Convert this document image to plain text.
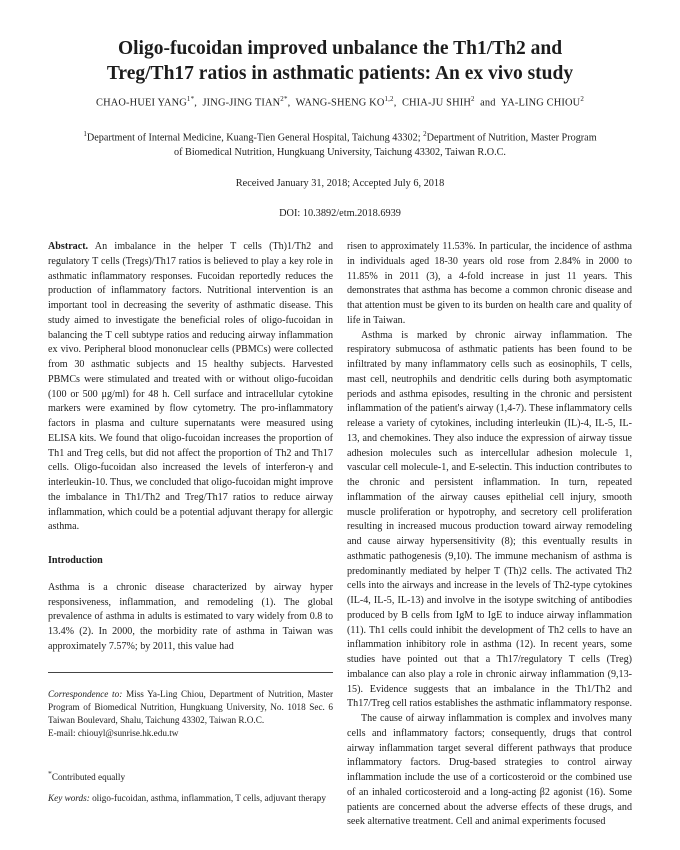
Oligo-fucoidan improved unbalance the Th1/Th2 and
Treg/Th17 ratios in asthmatic patients: An ex vivo study
CHAO-HUEI $YANG^{1*}$,  JING-JING $TIAN^{2*}$,  WANG-SHENG KO$^{1,2}$,  CHIA-JU SHIH$^2$ and YA-LING CHIOU$^2$
$^1$Department of Internal Medicine, Kuang-Tien General Hospital, Taichung 43302; $^2$Department of Nutrition, Master Program of Biomedical Nutrition, Hungkuang University, Taichung 43302, Taiwan R.O.C.
Received January 31, 2018; Accepted July 6, 2018
DOI: 10.3892/etm.2018.6939

Abstract. An imbalance in the helper T cells (Th)1/Th2 and regulatory T cells (Tregs)/Th17 ratios is believed to play a key role in asthmatic inflammatory responses. Fucoidan reportedly reduces the production of inflammatory factors. Nutritional intervention is an important tool in decreasing the severity of asthmatic disease. This study aimed to investigate the beneficial roles of oligo-fucoidan in balancing the T cell subtype ratios and reducing airway inflammation ex vivo. Peripheral blood mononuclear cells (PBMCs) were collected from 30 asthmatic subjects and 15 healthy subjects. Harvested PBMCs were stimulated and treated with or without oligo-fucoidan (100 or 500 μg/ml) for 48 h. Cell surface and intracellular cytokine markers were examined by flow cytometry. The pro-inflammatory factors in plasma and culture supernatants were measured using ELISA kits. We found that oligo-fucoidan increases the proportion of Th1 and Treg cells, but did not affect the proportion of Th2 and Th17 cells. Oligo-fucoidan also increased the levels of interferon-γ and interleukin-10. Thus, we concluded that oligo-fucoidan might improve the imbalance in Th1/Th2 and Treg/Th17 ratios to reduce airway inflammation, which could be a potential adjuvant therapy for allergic asthma.

Introduction

Asthma is a chronic disease characterized by airway hyper responsiveness, inflammation, and remodeling (1). The global prevalence of asthma in adults is estimated to vary widely from 0.8 to 13.4% (2). In 2000, the morbidity rate of asthma in Taiwan was approximately 7.57%; by 2011, this value had

risen to approximately 11.53%. In particular, the incidence of asthma in individuals aged 18-30 years old rose from 2.84% in 2000 to 11.85% in 2011 (3), a 4-fold increase in just 11 years. This demonstrates that asthma has become a common chronic disease and that attention must be given to its burden on health care and quality of life in Taiwan.

Asthma is marked by chronic airway inflammation. The respiratory submucosa of asthmatic patients has been found to be infiltrated by many inflammatory cells such as eosinophils, T cells, mast cell, neutrophils and dendritic cells during both asymptomatic periods and asthma episodes, resulting in the chronic and persistent inflammation of the patient's airway (1,4-7). These inflammatory cells release a variety of cytokines, including interleukin (IL)-4, IL-5, IL-13, and chemokines. They also induce the expression of airway tissue adhesion molecules such as intercellular adhesion molecule 1, vascular cell molecule-1, and E-selectin. This induction contributes to the chronic and persistent inflammation. In turn, repeated inflammation of the airway causes epithelial cell injury, smooth muscle proliferation or hypotrophy, and secretory cell proliferation resulting in increased mucous production toward airway remodeling and cause airway hypersensitivity (8); this eventually results in asthmatic pathogenesis (9,10). The immune mechanism of asthma is predominantly mediated by helper T (Th)2 cells. The activated Th2 cells into the airways and increase in the levels of Th2-type cytokines (IL-4, IL-5, IL-13) and involve in the isotype switching of antibodies produced by B cells from IgM to IgE to induce airway inflammation (11). Th1 cells could inhibit the development of Th2 cells to have an inflammation inhibitory role in asthma (12). In recent years, some studies have pointed out that a Th17/regulatory T cells (Treg) imbalance can also play a role in chronic airway inflammation (9,13-15). Evidence suggests that an imbalance in the Th1/Th2 and Th17/Treg cell ratios establishes the asthmatic inflammatory response.

The cause of airway inflammation is complex and involves many cells and inflammatory factors; consequently, drugs that control airway inflammation target several different pathways that produce inflammatory factors. Drug-based strategies to control airway inflammation include the use of a corticosteroid or the combined use of an inhaled corticosteroid and a long-acting β2 agonist (16). Some patients are concerned about the adverse effects of these drugs, and seek alternative treatment. Cell and animal experiments focused

Correspondence to: Miss Ya-Ling Chiou, Department of Nutrition, Master Program of Biomedical Nutrition, Hungkuang University, No. 1018 Sec. 6 Taiwan Boulevard, Shalu, Taichung 43302, Taiwan R.O.C.

E-mail: chiouyl@sunrise.hk.edu.tw

*Contributed equally

Key words: oligo-fucoidan, asthma, inflammation, T cells, adjuvant therapy
